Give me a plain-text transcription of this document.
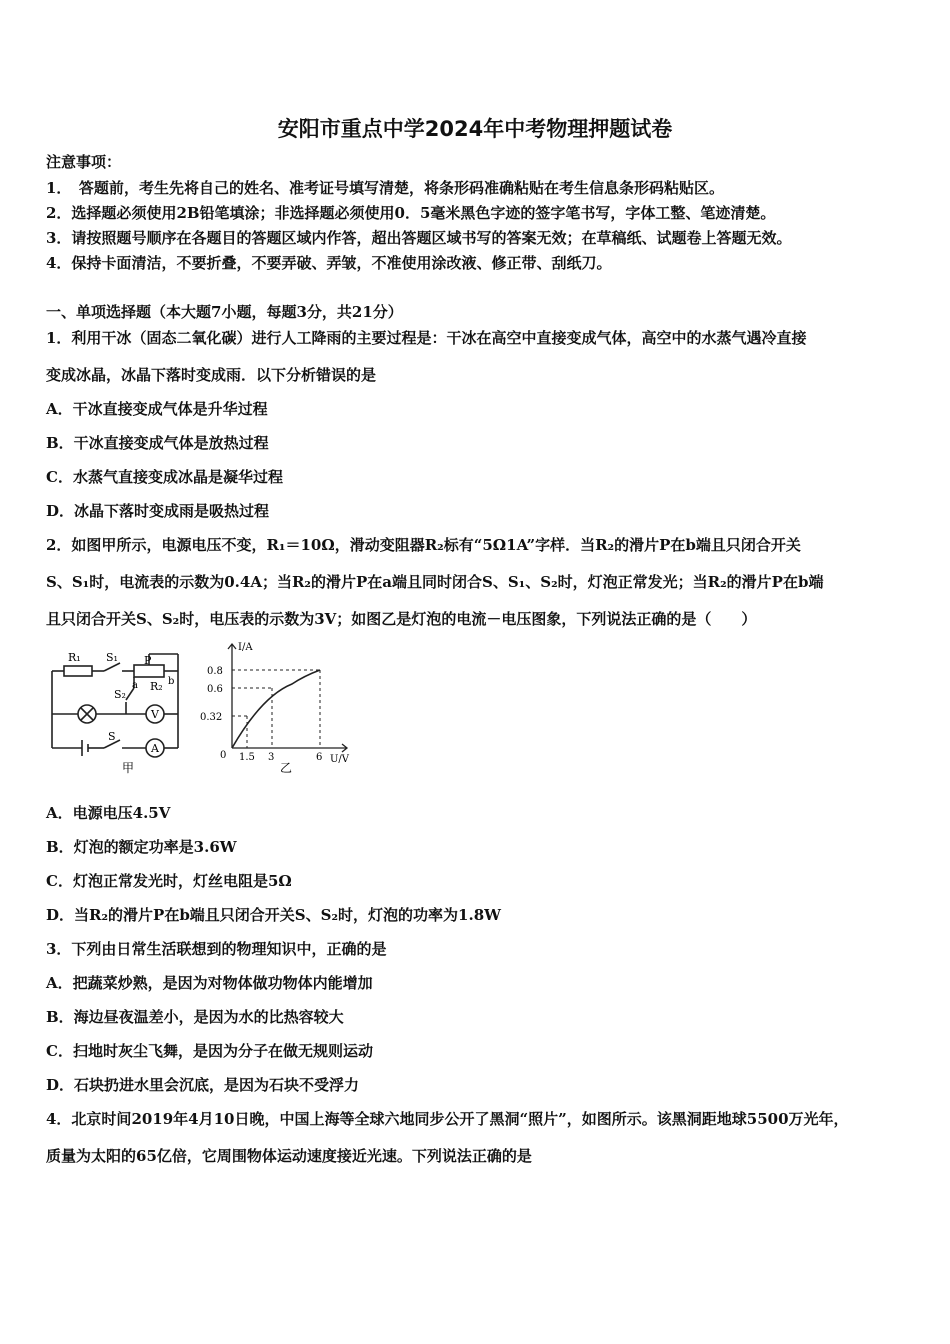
安阳市重点中学2024年中考物理押题试卷
注意事项：
1．　答题前，考生先将自己的姓名、准考证号填写清楚，将条形码准确粘贴在考生信息条形码粘贴区。
2．选择题必须使用2B铅笔填涂；非选择题必须使用0．5毫米黑色字迹的签字笔书写，字体工整、笔迹清楚。
3．请按照题号顺序在各题目的答题区域内作答，超出答题区域书写的答案无效；在草稿纸、试题卷上答题无效。
4．保持卡面清洁，不要折叠，不要弄破、弄皱，不准使用涂改液、修正带、刮纸刀。
一、单项选择题（本大题7小题，每题3分，共21分）
1．利用干冰（固态二氧化碳）进行人工降雨的主要过程是：干冰在高空中直接变成气体，高空中的水蒸气遇冷直接
变成冰晶，冰晶下落时变成雨．以下分析错误的是
A．干冰直接变成气体是升华过程
B．干冰直接变成气体是放热过程
C．水蒸气直接变成冰晶是凝华过程
D．冰晶下落时变成雨是吸热过程
2．如图甲所示，电源电压不变，R₁＝10Ω，滑动变阻器R₂标有“5Ω1A”字样．当R₂的滑片P在b端且只闭合开关
S、S₁时，电流表的示数为0.4A；当R₂的滑片P在a端且同时闭合S、S₁、S₂时，灯泡正常发光；当R₂的滑片P在b端
且只闭合开关S、S₂时，电压表的示数为3V；如图乙是灯泡的电流－电压图象，下列说法正确的是（　　）
R₁ S₁ P
R₂
a	b
S₂
V
A
S
甲
I/A
U/V
0
0.8
0.6
0.32
1.5 3	6
乙
A．电源电压4.5V
B．灯泡的额定功率是3.6W
C．灯泡正常发光时，灯丝电阻是5Ω
D．当R₂的滑片P在b端且只闭合开关S、S₂时，灯泡的功率为1.8W
3．下列由日常生活联想到的物理知识中，正确的是
A．把蔬菜炒熟，是因为对物体做功物体内能增加
B．海边昼夜温差小，是因为水的比热容较大
C．扫地时灰尘飞舞，是因为分子在做无规则运动
D．石块扔进水里会沉底，是因为石块不受浮力
4．北京时间2019年4月10日晚，中国上海等全球六地同步公开了黑洞“照片”，如图所示。该黑洞距地球5500万光年，
质量为太阳的65亿倍，它周围物体运动速度接近光速。下列说法正确的是
